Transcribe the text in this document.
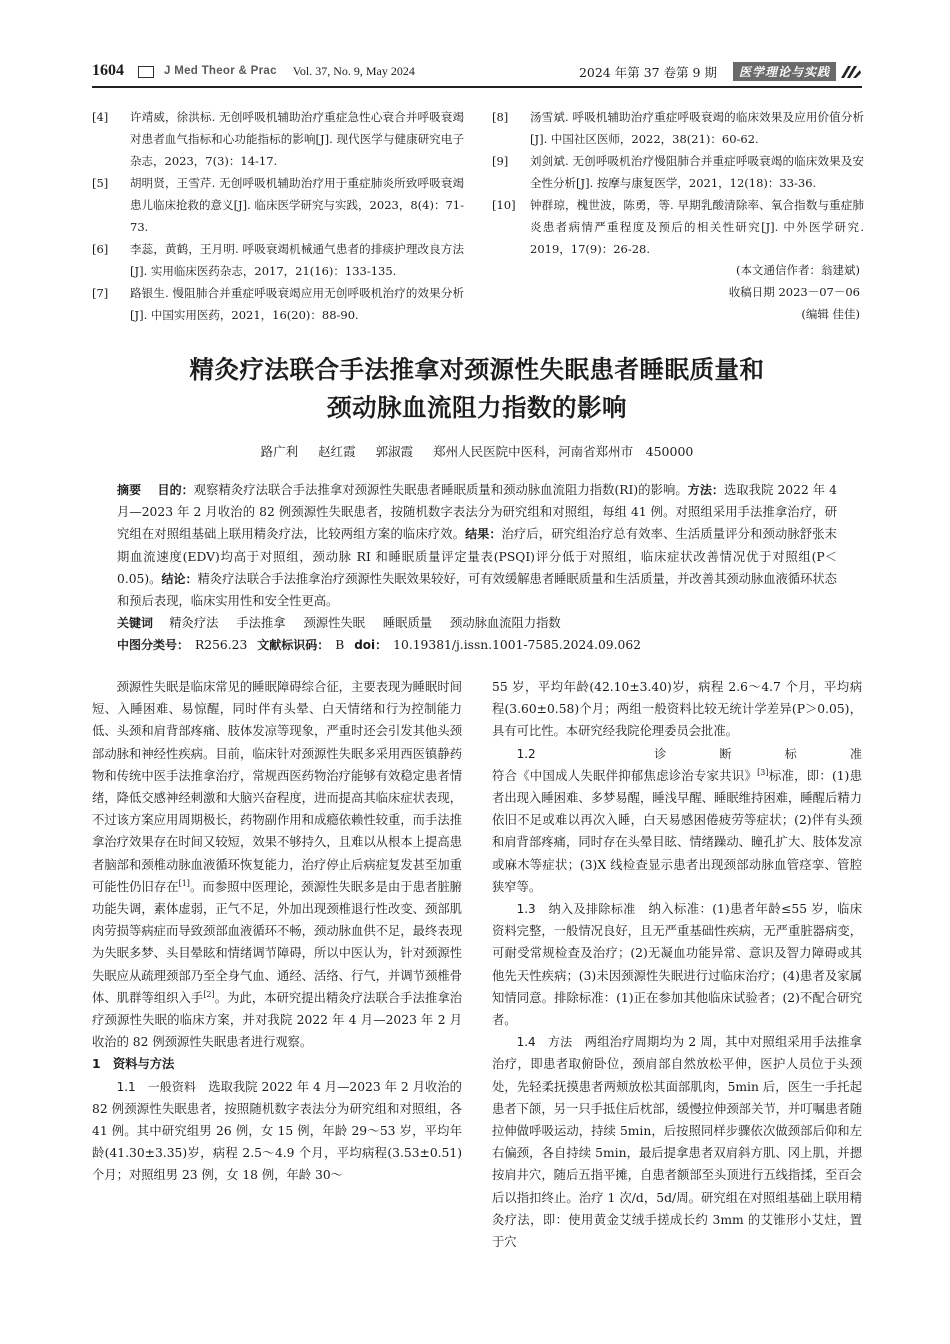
1604	J Med Theor & Prac Vol. 37, No. 9, May 2024	2024 年第 37 卷第 9 期	医学理论与实践
[4] 许靖威，徐洪标. 无创呼吸机辅助治疗重症急性心衰合并呼吸衰竭对患者血气指标和心功能指标的影响[J]. 现代医学与健康研究电子杂志，2023，7(3)：14-17.
[5] 胡明贤，王雪芹. 无创呼吸机辅助治疗用于重症肺炎所致呼吸衰竭患儿临床抢救的意义[J]. 临床医学研究与实践，2023，8(4)：71-73.
[6] 李蕊，黄鹤，王月明. 呼吸衰竭机械通气患者的排痰护理改良方法[J]. 实用临床医药杂志，2017，21(16)：133-135.
[7] 路银生. 慢阻肺合并重症呼吸衰竭应用无创呼吸机治疗的效果分析[J]. 中国实用医药，2021，16(20)：88-90.
[8] 汤雪斌. 呼吸机辅助治疗重症呼吸衰竭的临床效果及应用价值分析[J]. 中国社区医师，2022，38(21)：60-62.
[9] 刘剑斌. 无创呼吸机治疗慢阻肺合并重症呼吸衰竭的临床效果及安全性分析[J]. 按摩与康复医学，2021，12(18)：33-36.
[10] 钟群琼，槐世波，陈勇，等. 早期乳酸清除率、氧合指数与重症肺炎患者病情严重程度及预后的相关性研究[J]. 中外医学研究. 2019，17(9)：26-28.
(本文通信作者：翁建斌)
收稿日期 2023－07－06
(编辑 佳佳)
精灸疗法联合手法推拿对颈源性失眠患者睡眠质量和
颈动脉血流阻力指数的影响
路广利 赵红霞 郭淑霞 郑州人民医院中医科，河南省郑州市　450000

摘要　 目的：观察精灸疗法联合手法推拿对颈源性失眠患者睡眠质量和颈动脉血流阻力指数(RI)的影响。方法：选取我院 2022 年 4 月—2023 年 2 月收治的 82 例颈源性失眠患者，按随机数字表法分为研究组和对照组，每组 41 例。对照组采用手法推拿治疗，研究组在对照组基础上联用精灸疗法，比较两组方案的临床疗效。结果：治疗后，研究组治疗总有效率、生活质量评分和颈动脉舒张末期血流速度(EDV)均高于对照组，颈动脉 RI 和睡眠质量评定量表(PSQI)评分低于对照组，临床症状改善情况优于对照组(P＜0.05)。结论：精灸疗法联合手法推拿治疗颈源性失眠效果较好，可有效缓解患者睡眠质量和生活质量，并改善其颈动脉血液循环状态和预后表现，临床实用性和安全性更高。

关键词　 精灸疗法 手法推拿 颈源性失眠 睡眠质量 颈动脉血流阻力指数

中图分类号： R256.23 文献标识码： B doi： 10.19381/j.issn.1001-7585.2024.09.062

颈源性失眠是临床常见的睡眠障碍综合征，主要表现为睡眠时间短、入睡困难、易惊醒，同时伴有头晕、白天情绪和行为控制能力低、头颈和肩背部疼痛、肢体发凉等现象，严重时还会引发其他头颈部动脉和神经性疾病。目前，临床针对颈源性失眠多采用西医镇静药物和传统中医手法推拿治疗，常规西医药物治疗能够有效稳定患者情绪，降低交感神经刺激和大脑兴奋程度，进而提高其临床症状表现，不过该方案应用周期极长，药物副作用和成瘾依赖性较重，而手法推拿治疗效果存在时间又较短，效果不够持久，且难以从根本上提高患者脑部和颈椎动脉血液循环恢复能力，治疗停止后病症复发甚至加重可能性仍旧存在[1]。而参照中医理论，颈源性失眠多是由于患者脏腑功能失调，素体虚弱，正气不足，外加出现颈椎退行性改变、颈部肌肉劳损等病症而导致颈部血液循环不畅，颈动脉血供不足，最终表现为失眠多梦、头目晕眩和情绪调节障碍，所以中医认为，针对颈源性失眠应从疏理颈部乃至全身气血、通经、活络、行气，并调节颈椎骨体、肌群等组织入手[2]。为此，本研究提出精灸疗法联合手法推拿治疗颈源性失眠的临床方案，并对我院 2022 年 4 月—2023 年 2 月收治的 82 例颈源性失眠患者进行观察。

1　资料与方法

1.1　一般资料　 选取我院 2022 年 4 月—2023 年 2 月收治的 82 例颈源性失眠患者，按照随机数字表法分为研究组和对照组，各 41 例。其中研究组男 26 例，女 15 例，年龄 29～53 岁，平均年龄(41.30±3.35)岁，病程 2.5～4.9 个月，平均病程(3.53±0.51)个月；对照组男 23 例，女 18 例，年龄 30～

55 岁，平均年龄(42.10±3.40)岁，病程 2.6～4.7 个月，平均病程(3.60±0.58)个月；两组一般资料比较无统计学差异(P＞0.05)，具有可比性。本研究经我院伦理委员会批准。

1.2　诊断标准　符合《中国成人失眠伴抑郁焦虑诊治专家共识》[3]标准，即：(1)患者出现入睡困难、多梦易醒，睡浅早醒、睡眠维持困难，睡醒后精力依旧不足或难以再次入睡，白天易感困倦疲劳等症状；(2)伴有头颈和肩背部疼痛，同时存在头晕目眩、情绪躁动、瞳孔扩大、肢体发凉或麻木等症状；(3)X 线检查显示患者出现颈部动脉血管痉挛、管腔狭窄等。

1.3　纳入及排除标准　 纳入标准：(1)患者年龄≤55 岁，临床资料完整，一般情况良好，且无严重基础性疾病，无严重脏器病变，可耐受常规检查及治疗；(2)无凝血功能异常、意识及智力障碍或其他先天性疾病；(3)未因颈源性失眠进行过临床治疗；(4)患者及家属知情同意。排除标准：(1)正在参加其他临床试验者；(2)不配合研究者。

1.4　方法　 两组治疗周期均为 2 周，其中对照组采用手法推拿治疗，即患者取俯卧位，颈肩部自然放松平伸，医护人员位于头颈处，先轻柔抚摸患者两颊放松其面部肌肉，5min 后，医生一手托起患者下颌，另一只手抵住后枕部，缓慢拉伸颈部关节，并叮嘱患者随拉伸做呼吸运动，持续 5min，后按照同样步骤依次做颈部后仰和左右偏颈，各自持续 5min，最后提拿患者双肩斜方肌、冈上肌，并摁按肩井穴，随后五指平摊，自患者额部至头顶进行五线指揉，至百会后以指扣终止。治疗 1 次/d，5d/周。研究组在对照组基础上联用精灸疗法，即：使用黄金艾绒手搓成长约 3mm 的艾锥形小艾炷，置于穴
